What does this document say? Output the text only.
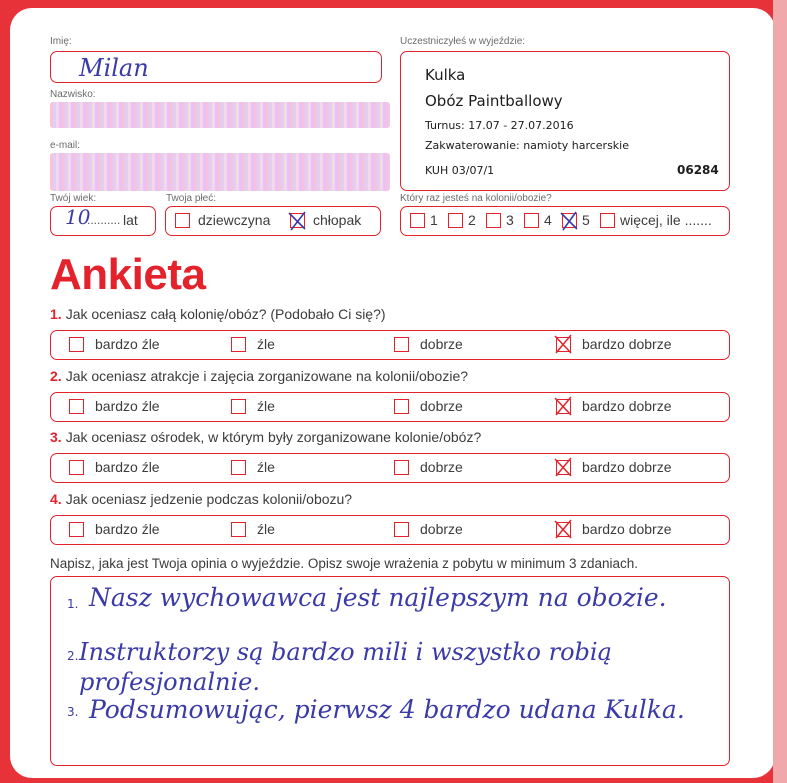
Imię:
Milan
Nazwisko:
e-mail:
Twój wiek:
10
.......... lat
Twoja płeć:
dziewczyna	chłopak
Uczestniczyłeś w wyjeździe:
Kulka
Obóz Paintballowy
Turnus: 17.07 - 27.07.2016
Zakwaterowanie: namioty harcerskie
KUH 03/07/1	06284
Który raz jesteś na kolonii/obozie?
1 2 3 4 5 więcej, ile .......
Ankieta
1. Jak oceniasz całą kolonię/obóz? (Podobało Ci się?)
bardzo źle	źle	dobrze	bardzo dobrze
2. Jak oceniasz atrakcje i zajęcia zorganizowane na kolonii/obozie?
bardzo źle	źle	dobrze	bardzo dobrze
3. Jak oceniasz ośrodek, w którym były zorganizowane kolonie/obóz?
bardzo źle	źle	dobrze	bardzo dobrze
4. Jak oceniasz jedzenie podczas kolonii/obozu?
bardzo źle	źle	dobrze	bardzo dobrze
Napisz, jaka jest Twoja opinia o wyjeździe. Opisz swoje wrażenia z pobytu w minimum 3 zdaniach.
1. Nasz wychowawca jest najlepszym na obozie.
2. Instruktorzy są bardzo mili i wszystko robią profesjonalnie.
3. Podsumowując, pierwsz 4 bardzo udana Kulka.
